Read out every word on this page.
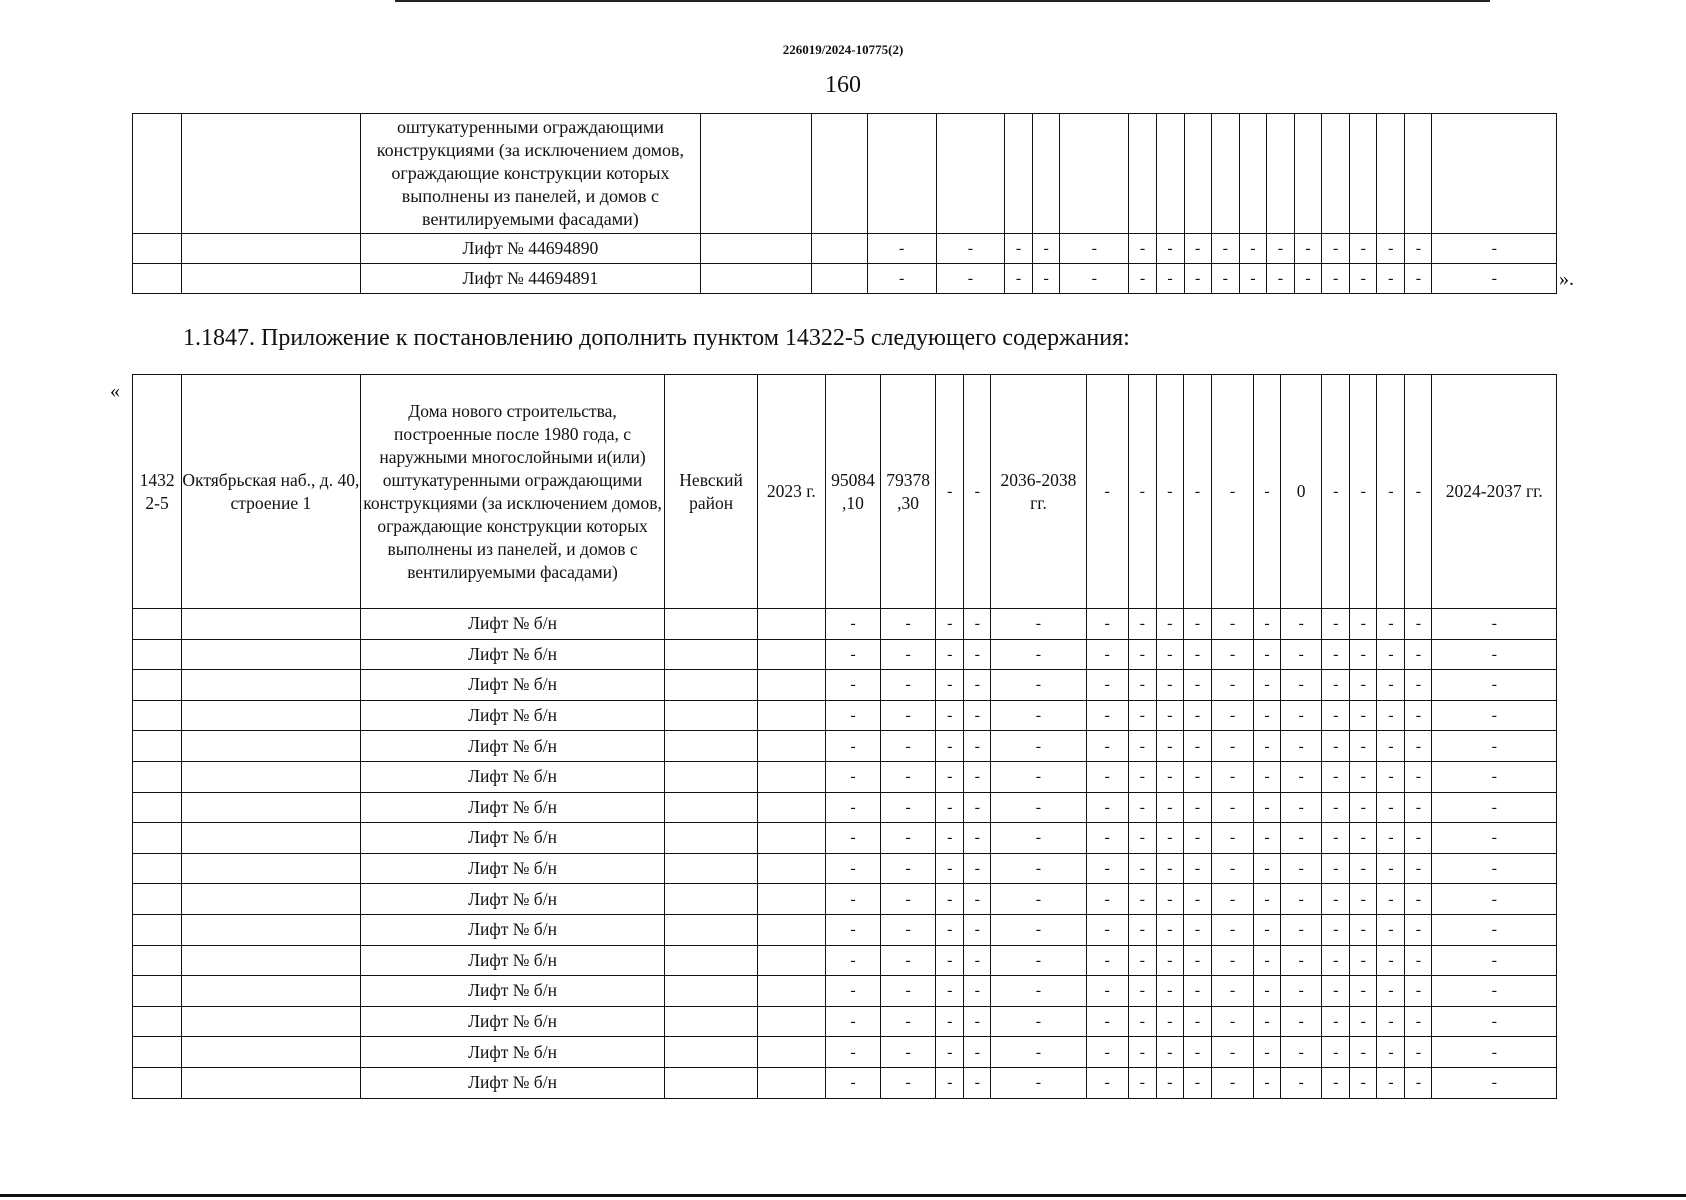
226019/2024-10775(2)
160
		оштукатуренными ограждающими конструкциями (за исключением домов, ограждающие конструкции которых выполнены из панелей, и домов с вентилируемыми фасадами)																			
		Лифт № 44694890			-	-	-	-	-	-	-	-	-	-	-	-	-	-	-	-	-
		Лифт № 44694891			-	-	-	-	-	-	-	-	-	-	-	-	-	-	-	-	-	».
1.1847. Приложение к постановлению дополнить пунктом 14322-5 следующего содержания:
«
1432 2-5	Октябрьская наб., д. 40, строение 1	Дома нового строительства, построенные после 1980 года, с наружными многослойными и(или) оштукатуренными ограждающими конструкциями (за исключением домов, ограждающие конструкции которых выполнены из панелей, и домов с вентилируемыми фасадами)	Невский район	2023 г.	95084 ,10	79378 ,30	-	-	2036-2038 гг.	-	-	-	-	-	-	0	-	-	-	-	2024-2037 гг.
		Лифт № б/н			-	-	-	-	-	-	-	-	-	-	-	-	-	-	-	-	-
		Лифт № б/н			-	-	-	-	-	-	-	-	-	-	-	-	-	-	-	-	-
		Лифт № б/н			-	-	-	-	-	-	-	-	-	-	-	-	-	-	-	-	-
		Лифт № б/н			-	-	-	-	-	-	-	-	-	-	-	-	-	-	-	-	-
		Лифт № б/н			-	-	-	-	-	-	-	-	-	-	-	-	-	-	-	-	-
		Лифт № б/н			-	-	-	-	-	-	-	-	-	-	-	-	-	-	-	-	-
		Лифт № б/н			-	-	-	-	-	-	-	-	-	-	-	-	-	-	-	-	-
		Лифт № б/н			-	-	-	-	-	-	-	-	-	-	-	-	-	-	-	-	-
		Лифт № б/н			-	-	-	-	-	-	-	-	-	-	-	-	-	-	-	-	-
		Лифт № б/н			-	-	-	-	-	-	-	-	-	-	-	-	-	-	-	-	-
		Лифт № б/н			-	-	-	-	-	-	-	-	-	-	-	-	-	-	-	-	-
		Лифт № б/н			-	-	-	-	-	-	-	-	-	-	-	-	-	-	-	-	-
		Лифт № б/н			-	-	-	-	-	-	-	-	-	-	-	-	-	-	-	-	-
		Лифт № б/н			-	-	-	-	-	-	-	-	-	-	-	-	-	-	-	-	-
		Лифт № б/н			-	-	-	-	-	-	-	-	-	-	-	-	-	-	-	-	-
		Лифт № б/н			-	-	-	-	-	-	-	-	-	-	-	-	-	-	-	-	-
